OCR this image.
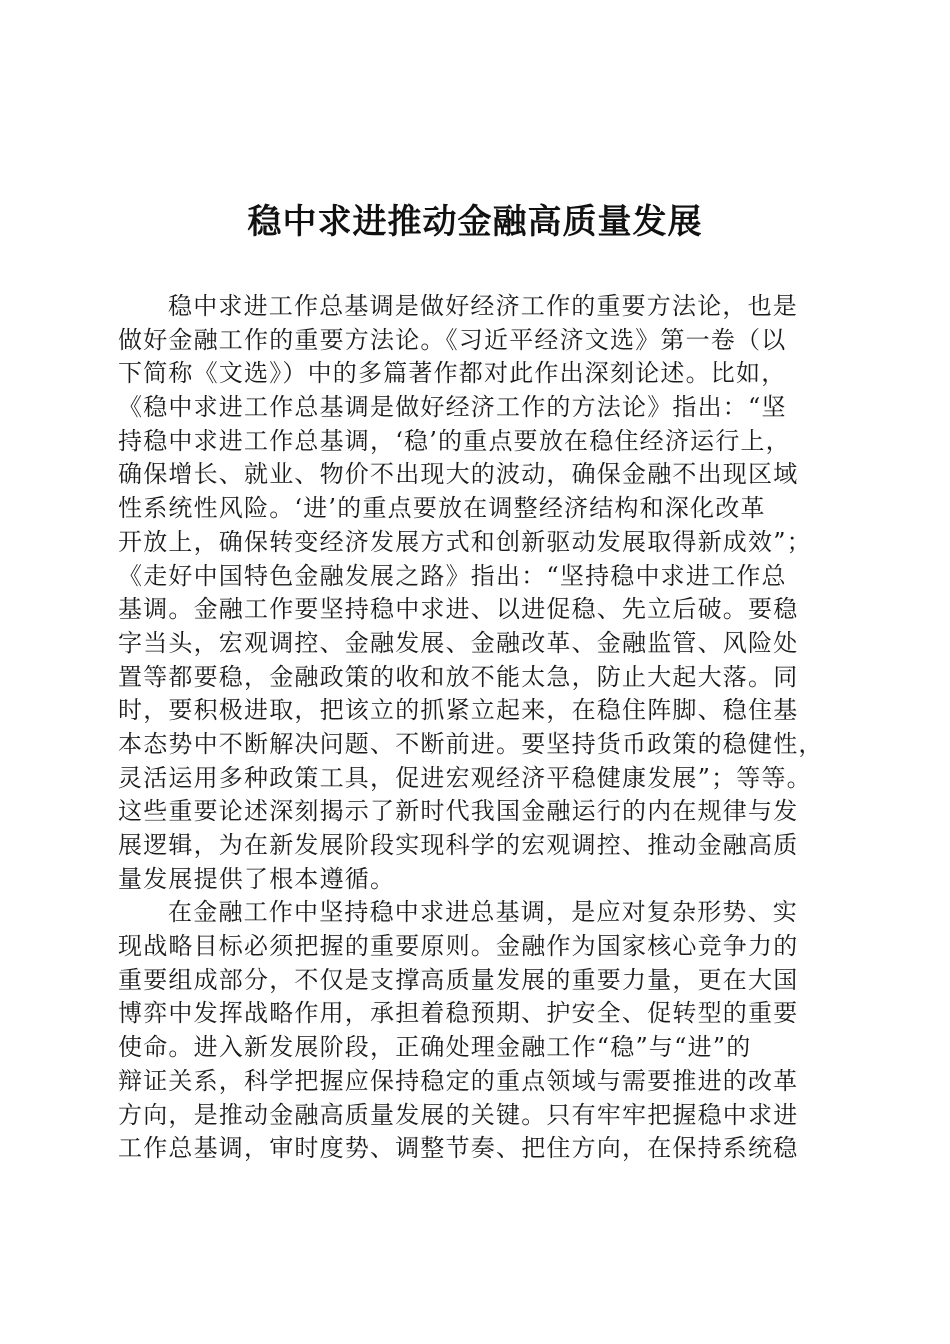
稳中求进推动金融高质量发展
稳中求进工作总基调是做好经济工作的重要方法论，也是
做好金融工作的重要方法论。《习近平经济文选》第一卷（以
下简称《文选》）中的多篇著作都对此作出深刻论述。比如，
《稳中求进工作总基调是做好经济工作的方法论》指出：“坚
持稳中求进工作总基调，‘稳’的重点要放在稳住经济运行上，
确保增长、就业、物价不出现大的波动，确保金融不出现区域
性系统性风险。‘进’的重点要放在调整经济结构和深化改革
开放上，确保转变经济发展方式和创新驱动发展取得新成效”；
《走好中国特色金融发展之路》指出：“坚持稳中求进工作总
基调。金融工作要坚持稳中求进、以进促稳、先立后破。要稳
字当头，宏观调控、金融发展、金融改革、金融监管、风险处
置等都要稳，金融政策的收和放不能太急，防止大起大落。同
时，要积极进取，把该立的抓紧立起来，在稳住阵脚、稳住基
本态势中不断解决问题、不断前进。要坚持货币政策的稳健性，
灵活运用多种政策工具，促进宏观经济平稳健康发展”；等等。
这些重要论述深刻揭示了新时代我国金融运行的内在规律与发
展逻辑，为在新发展阶段实现科学的宏观调控、推动金融高质
量发展提供了根本遵循。
在金融工作中坚持稳中求进总基调，是应对复杂形势、实
现战略目标必须把握的重要原则。金融作为国家核心竞争力的
重要组成部分，不仅是支撑高质量发展的重要力量，更在大国
博弈中发挥战略作用，承担着稳预期、护安全、促转型的重要
使命。进入新发展阶段，正确处理金融工作“稳”与“进”的
辩证关系，科学把握应保持稳定的重点领域与需要推进的改革
方向，是推动金融高质量发展的关键。只有牢牢把握稳中求进
工作总基调，审时度势、调整节奏、把住方向，在保持系统稳
